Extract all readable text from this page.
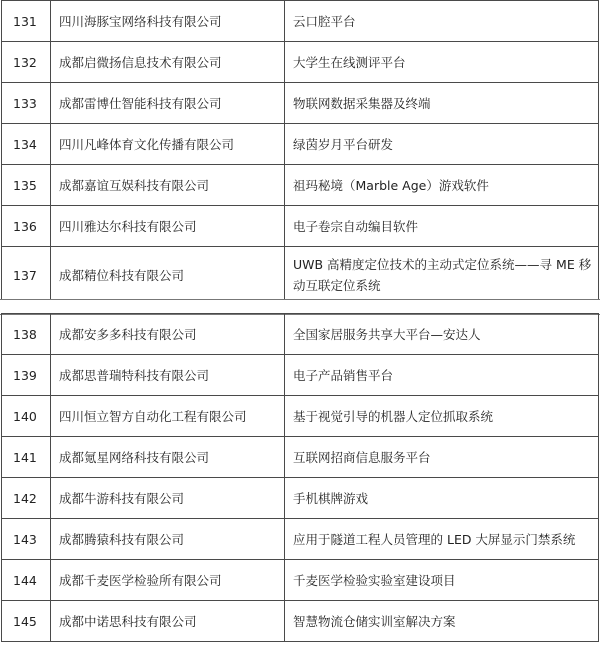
131	四川海豚宝网络科技有限公司	云口腔平台
132	成都启微扬信息技术有限公司	大学生在线测评平台
133	成都雷博仕智能科技有限公司	物联网数据采集器及终端
134	四川凡峰体育文化传播有限公司	绿茵岁月平台研发
135	成都嘉谊互娱科技有限公司	祖玛秘境（Marble Age）游戏软件
136	四川雅达尔科技有限公司	电子卷宗自动编目软件
137	成都精位科技有限公司	UWB 高精度定位技术的主动式定位系统——寻 ME 移动互联定位系统
138	成都安多多科技有限公司	全国家居服务共享大平台—安达人
139	成都思普瑞特科技有限公司	电子产品销售平台
140	四川恒立智方自动化工程有限公司	基于视觉引导的机器人定位抓取系统
141	成都氪星网络科技有限公司	互联网招商信息服务平台
142	成都牛游科技有限公司	手机棋牌游戏
143	成都腾猿科技有限公司	应用于隧道工程人员管理的 LED 大屏显示门禁系统
144	成都千麦医学检验所有限公司	千麦医学检验实验室建设项目
145	成都中诺思科技有限公司	智慧物流仓储实训室解决方案
